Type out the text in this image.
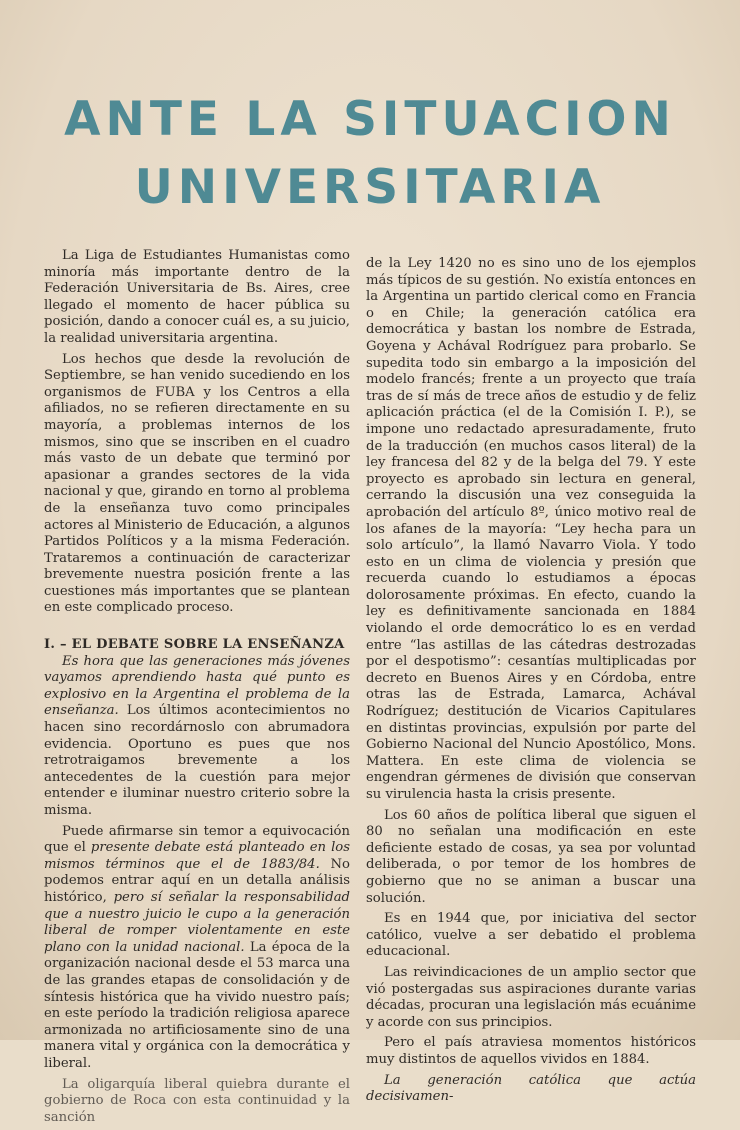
ANTE LA SITUACION
UNIVERSITARIA

La Liga de Estudiantes Humanistas como minoría más importante dentro de la Federación Universitaria de Bs. Aires, cree llegado el momento de hacer pública su posición, dando a conocer cuál es, a su juicio, la realidad universitaria argentina.

Los hechos que desde la revolución de Septiembre, se han venido sucediendo en los organismos de FUBA y los Centros a ella afiliados, no se refieren directamente en su mayoría, a problemas internos de los mismos, sino que se inscriben en el cuadro más vasto de un debate que terminó por apasionar a grandes sectores de la vida nacional y que, girando en torno al problema de la enseñanza tuvo como principales actores al Ministerio de Educación, a algunos Partidos Políticos y a la misma Federación. Trataremos a continuación de caracterizar brevemente nuestra posición frente a las cuestiones más importantes que se plantean en este complicado proceso.

I. – EL DEBATE SOBRE LA ENSEÑANZA

Es hora que las generaciones más jóvenes vayamos aprendiendo hasta qué punto es explosivo en la Argentina el problema de la enseñanza. Los últimos acontecimientos no hacen sino recordárnoslo con abrumadora evidencia. Oportuno es pues que nos retrotraigamos brevemente a los antecedentes de la cuestión para mejor entender e iluminar nuestro criterio sobre la misma.

Puede afirmarse sin temor a equivocación que el presente debate está planteado en los mismos términos que el de 1883/84. No podemos entrar aquí en un detalla análisis histórico, pero sí señalar la responsabilidad que a nuestro juicio le cupo a la generación liberal de romper violentamente en este plano con la unidad nacional. La época de la organización nacional desde el 53 marca una de las grandes etapas de consolidación y de síntesis histórica que ha vivido nuestro país; en este período la tradición religiosa aparece armonizada no artificiosamente sino de una manera vital y orgánica con la democrática y liberal.

La oligarquía liberal quiebra durante el gobierno de Roca con esta continuidad y la sanción

de la Ley 1420 no es sino uno de los ejemplos más típicos de su gestión. No existía entonces en la Argentina un partido clerical como en Francia o en Chile; la generación católica era democrática y bastan los nombre de Estrada, Goyena y Achával Rodríguez para probarlo. Se supedita todo sin embargo a la imposición del modelo francés; frente a un proyecto que traía tras de sí más de trece años de estudio y de feliz aplicación práctica (el de la Comisión I. P.), se impone uno redactado apresuradamente, fruto de la traducción (en muchos casos literal) de la ley francesa del 82 y de la belga del 79. Y este proyecto es aprobado sin lectura en general, cerrando la discusión una vez conseguida la aprobación del artículo 8º, único motivo real de los afanes de la mayoría: “Ley hecha para un solo artículo”, la llamó Navarro Viola. Y todo esto en un clima de violencia y presión que recuerda cuando lo estudiamos a épocas dolorosamente próximas. En efecto, cuando la ley es definitivamente sancionada en 1884 violando el orde democrático lo es en verdad entre “las astillas de las cátedras destrozadas por el despotismo”: cesantías multiplicadas por decreto en Buenos Aires y en Córdoba, entre otras las de Estrada, Lamarca, Achával Rodríguez; destitución de Vicarios Capitulares en distintas provincias, expulsión por parte del Gobierno Nacional del Nuncio Apostólico, Mons. Mattera. En este clima de violencia se engendran gérmenes de división que conservan su virulencia hasta la crisis presente.

Los 60 años de política liberal que siguen el 80 no señalan una modificación en este deficiente estado de cosas, ya sea por voluntad deliberada, o por temor de los hombres de gobierno que no se animan a buscar una solución.

Es en 1944 que, por iniciativa del sector católico, vuelve a ser debatido el problema educacional.

Las reivindicaciones de un amplio sector que vió postergadas sus aspiraciones durante varias décadas, procuran una legislación más ecuánime y acorde con sus principios.

Pero el país atraviesa momentos históricos muy distintos de aquellos vividos en 1884.

La generación católica que actúa decisivamen-
